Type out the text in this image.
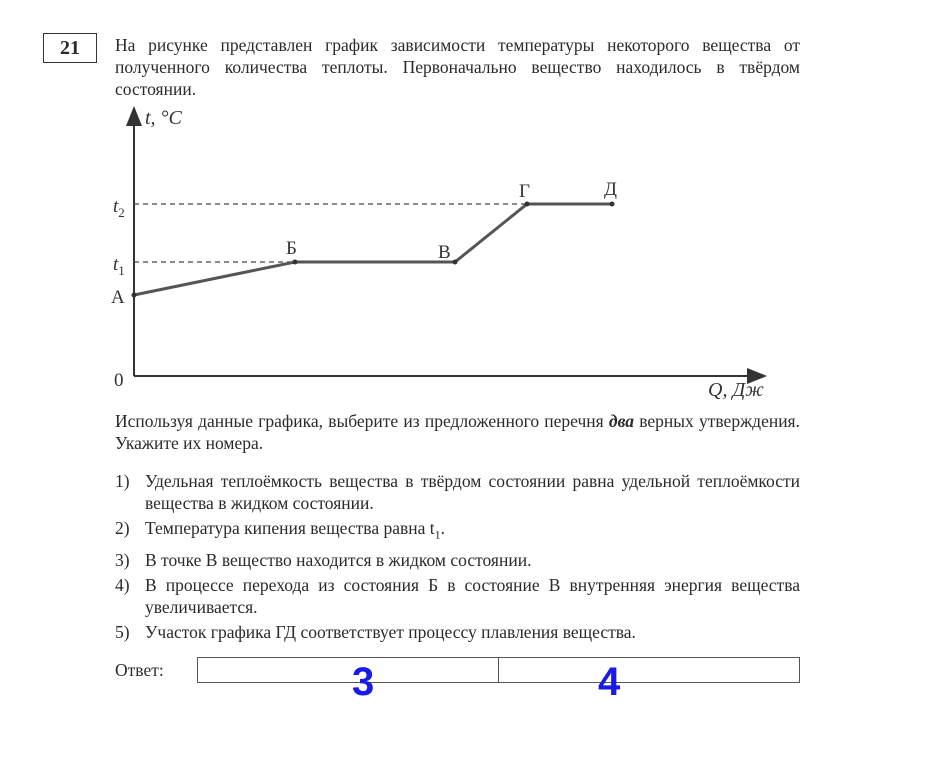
21	На рисунке представлен график зависимости температуры некоторого вещества от полученного количества теплоты. Первоначально вещество находилось в твёрдом состоянии.
t, °C
Q, Дж
0
$t_2$
$t_1$
А
Б	В
Г	Д
Используя данные графика, выберите из предложенного перечня два верных утверждения. Укажите их номера.
1) Удельная теплоёмкость вещества в твёрдом состоянии равна удельной теплоёмкости вещества в жидком состоянии.
2) Температура кипения вещества равна $t_1$.
3) В точке В вещество находится в жидком состоянии.
4) В процессе перехода из состояния Б в состояние В внутренняя энергия вещества увеличивается.
5) Участок графика ГД соответствует процессу плавления вещества.
Ответ:	3	4
